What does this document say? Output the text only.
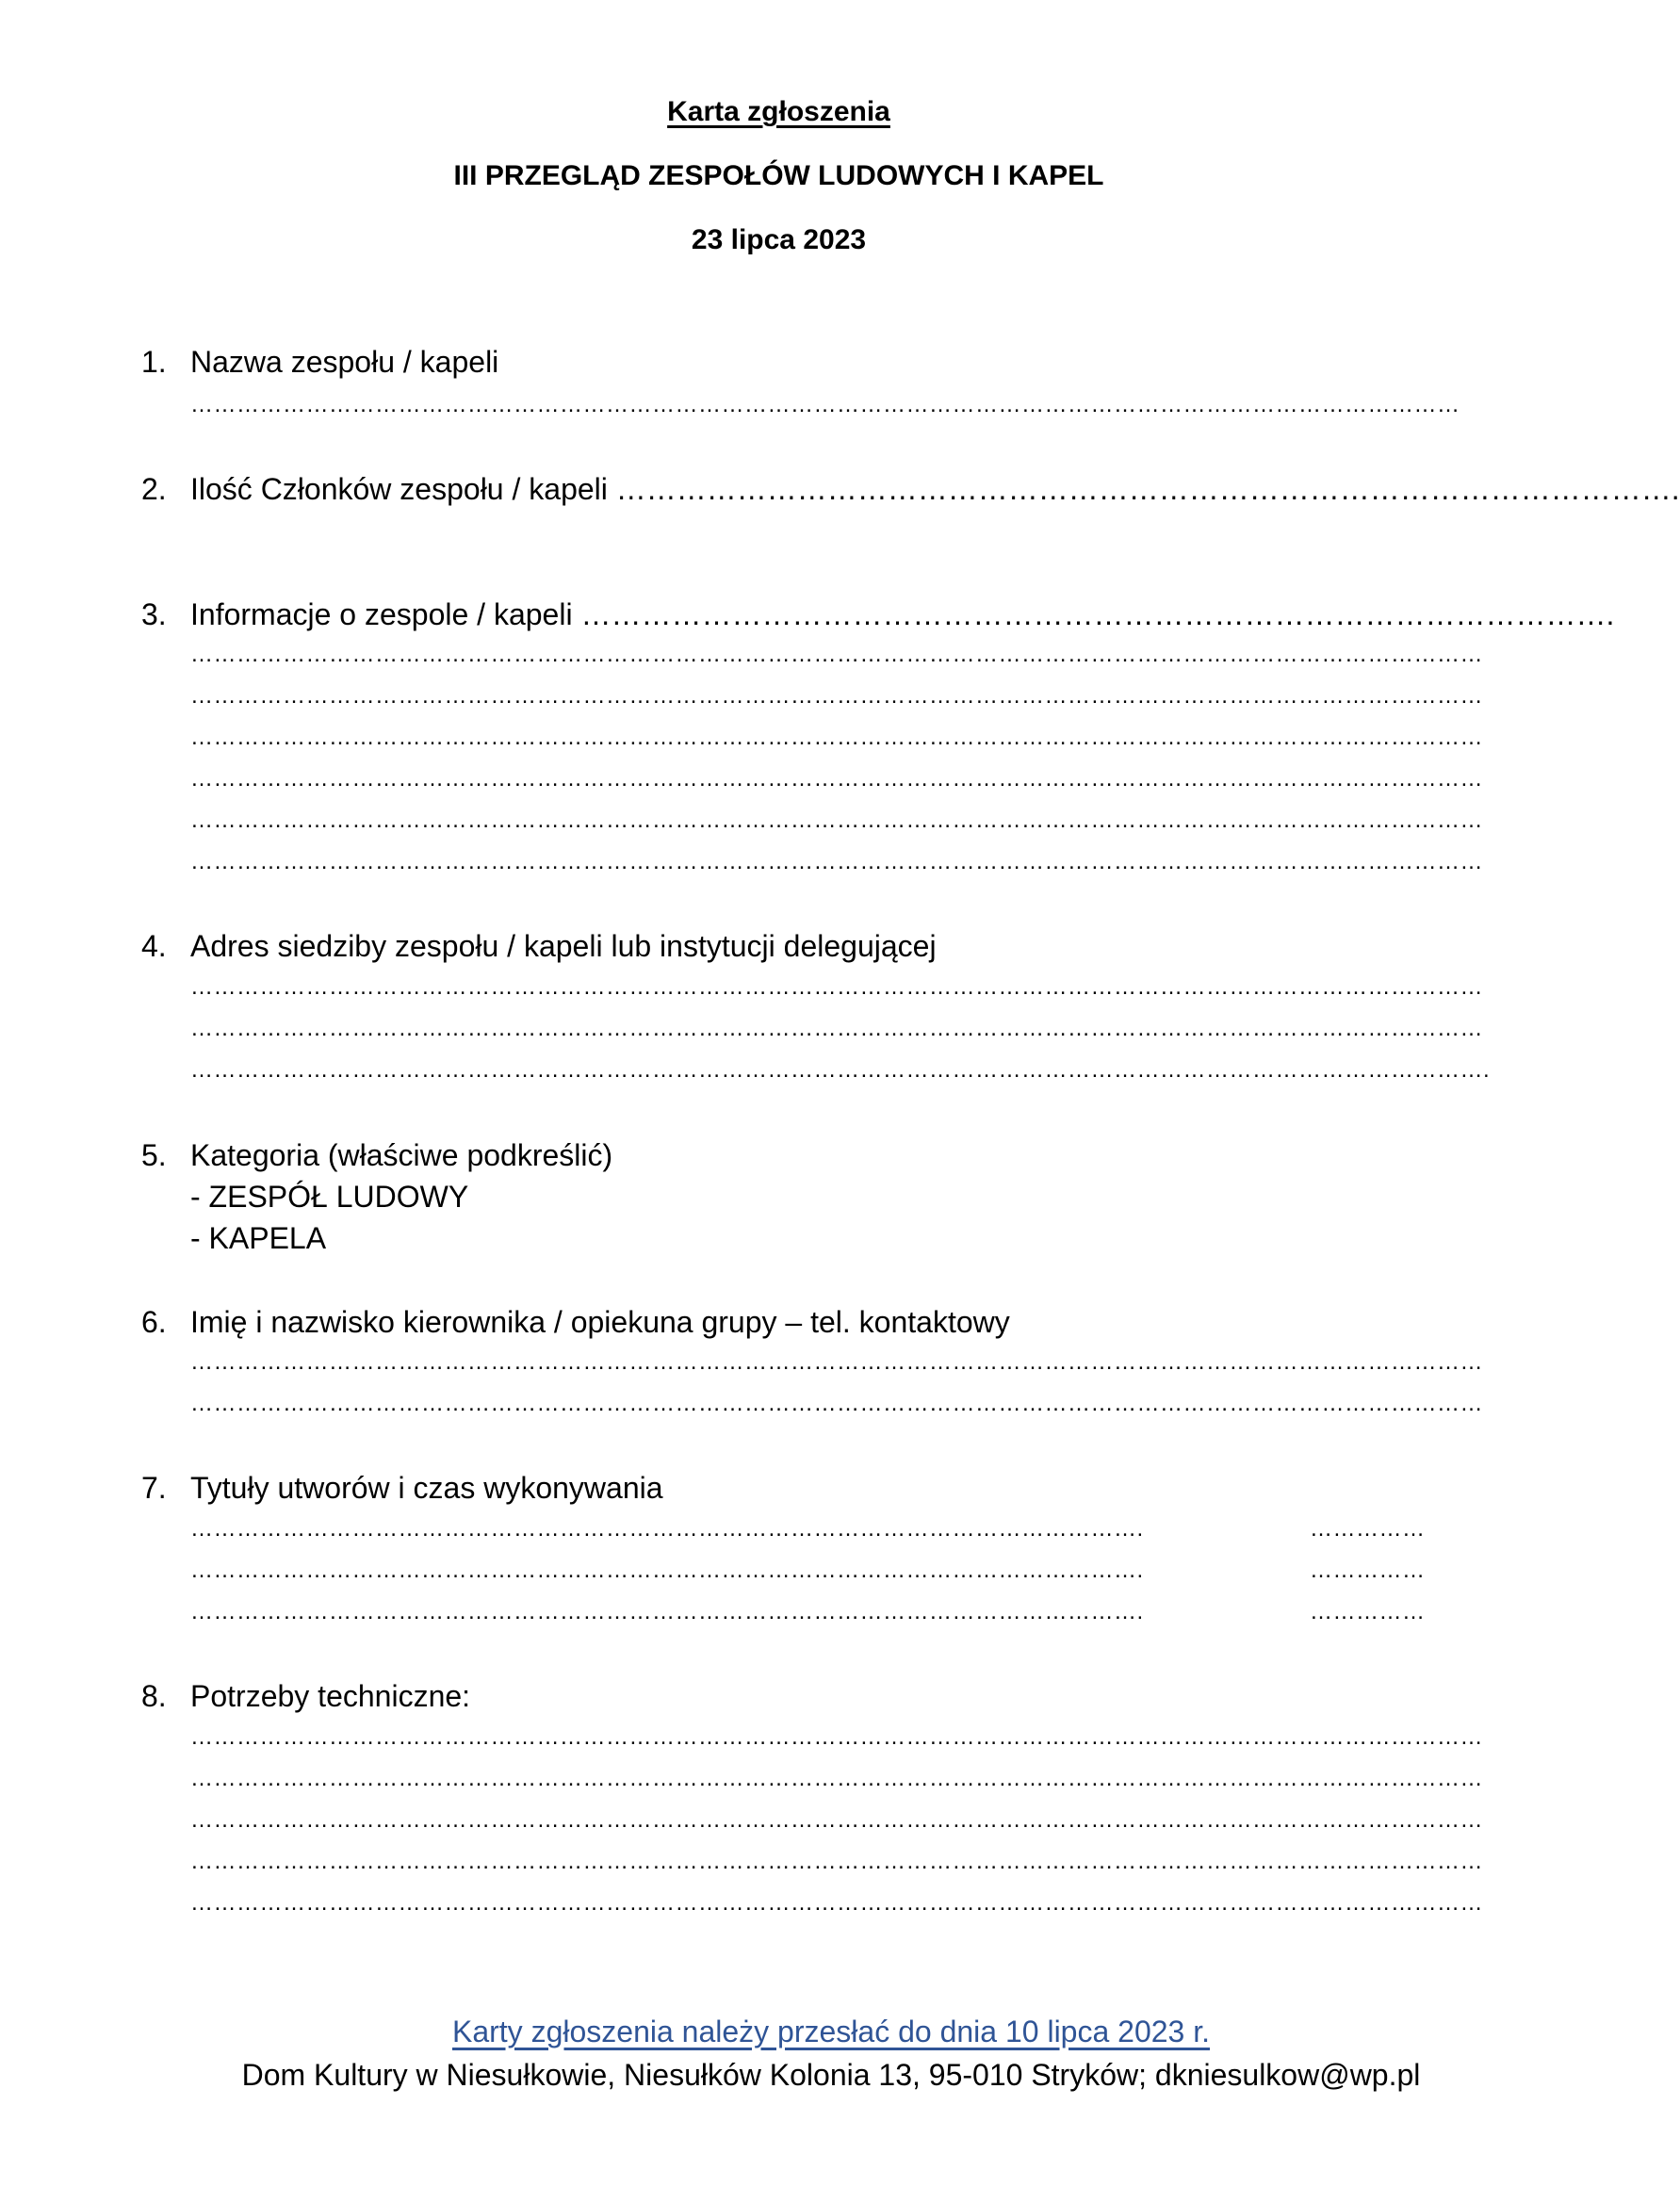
Karta zgłoszenia
III PRZEGLĄD ZESPOŁÓW LUDOWYCH I KAPEL
23 lipca 2023
1. Nazwa zespołu / kapeli
…………………………………………………………………………………………………………………………………………………
2. Ilość Członków zespołu / kapeli …………………………………………………………………………………………….
3. Informacje o zespole / kapeli ………………………………………………………………………………………….
……………………………………………………………………………………………………………………………………………………
……………………………………………………………………………………………………………………………………………………
……………………………………………………………………………………………………………………………………………………
……………………………………………………………………………………………………………………………………………………
……………………………………………………………………………………………………………………………………………………
……………………………………………………………………………………………………………………………………………………
4. Adres siedziby zespołu / kapeli lub instytucji delegującej
……………………………………………………………………………………………………………………………………………………
……………………………………………………………………………………………………………………………………………………
…………………………………………………………………………………………………………………………………………………….
5. Kategoria (właściwe podkreślić)
- ZESPÓŁ LUDOWY
- KAPELA
6. Imię i nazwisko kierownika / opiekuna grupy – tel. kontaktowy
……………………………………………………………………………………………………………………………………………………
……………………………………………………………………………………………………………………………………………………
7. Tytuły utworów i czas wykonywania
…………………………………………………………………………………………………………….	……………
…………………………………………………………………………………………………………….	……………
…………………………………………………………………………………………………………….	……………
8. Potrzeby techniczne:
……………………………………………………………………………………………………………………………………………………
……………………………………………………………………………………………………………………………………………………
……………………………………………………………………………………………………………………………………………………
……………………………………………………………………………………………………………………………………………………
……………………………………………………………………………………………………………………………………………………
Karty zgłoszenia należy przesłać do dnia 10 lipca 2023 r.
Dom Kultury w Niesułkowie, Niesułków Kolonia 13, 95-010 Stryków; dkniesulkow@wp.pl
